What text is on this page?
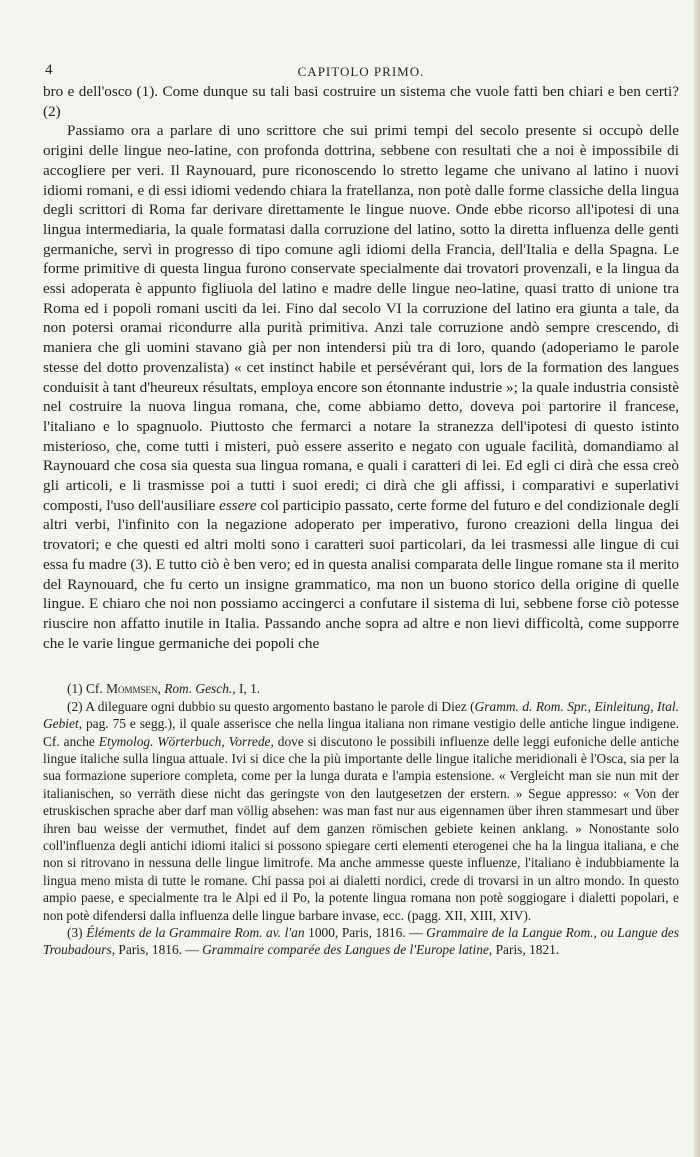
4	CAPITOLO PRIMO.

bro e dell'osco (1). Come dunque su tali basi costruire un sistema che vuole fatti ben chiari e ben certi? (2)

Passiamo ora a parlare di uno scrittore che sui primi tempi del secolo presente si occupò delle origini delle lingue neo-latine, con profonda dottrina, sebbene con resultati che a noi è impossibile di accogliere per veri. Il Raynouard, pure riconoscendo lo stretto legame che univano al latino i nuovi idiomi romani, e di essi idiomi vedendo chiara la fratellanza, non potè dalle forme classiche della lingua degli scrittori di Roma far derivare direttamente le lingue nuove. Onde ebbe ricorso all'ipotesi di una lingua intermediaria, la quale formatasi dalla corruzione del latino, sotto la diretta influenza delle genti germaniche, servì in progresso di tipo comune agli idiomi della Francia, dell'Italia e della Spagna. Le forme primitive di questa lingua furono conservate specialmente dai trovatori provenzali, e la lingua da essi adoperata è appunto figliuola del latino e madre delle lingue neo-latine, quasi tratto di unione tra Roma ed i popoli romani usciti da lei. Fino dal secolo VI la corruzione del latino era giunta a tale, da non potersi oramai ricondurre alla purità primitiva. Anzi tale corruzione andò sempre crescendo, di maniera che gli uomini stavano già per non intendersi più tra di loro, quando (adoperiamo le parole stesse del dotto provenzalista) « cet instinct habile et persévérant qui, lors de la formation des langues conduisit à tant d'heureux résultats, employa encore son étonnante industrie »; la quale industria consistè nel costruire la nuova lingua romana, che, come abbiamo detto, doveva poi partorire il francese, l'italiano e lo spagnuolo. Piuttosto che fermarci a notare la stranezza dell'ipotesi di questo istinto misterioso, che, come tutti i misteri, può essere asserito e negato con uguale facilità, domandiamo al Raynouard che cosa sia questa sua lingua romana, e quali i caratteri di lei. Ed egli ci dirà che essa creò gli articoli, e li trasmisse poi a tutti i suoi eredi; ci dirà che gli affissi, i comparativi e superlativi composti, l'uso dell'ausiliare essere col participio passato, certe forme del futuro e del condizionale degli altri verbi, l'infinito con la negazione adoperato per imperativo, furono creazioni della lingua dei trovatori; e che questi ed altri molti sono i caratteri suoi particolari, da lei trasmessi alle lingue di cui essa fu madre (3). E tutto ciò è ben vero; ed in questa analisi comparata delle lingue romane sta il merito del Raynouard, che fu certo un insigne grammatico, ma non un buono storico della origine di quelle lingue. E chiaro che noi non possiamo accingerci a confutare il sistema di lui, sebbene forse ciò potesse riuscire non affatto inutile in Italia. Passando anche sopra ad altre e non lievi difficoltà, come supporre che le varie lingue germaniche dei popoli che

(1) Cf. Mommsen, Rom. Gesch., I, 1.

(2) A dileguare ogni dubbio su questo argomento bastano le parole di Diez (Gramm. d. Rom. Spr., Einleitung, Ital. Gebiet, pag. 75 e segg.), il quale asserisce che nella lingua italiana non rimane vestigio delle antiche lingue indigene. Cf. anche Etymolog. Wörterbuch, Vorrede, dove si discutono le possibili influenze delle leggi eufoniche delle antiche lingue italiche sulla lingua attuale. Ivi si dice che la più importante delle lingue italiche meridionali è l'Osca, sia per la sua formazione superiore completa, come per la lunga durata e l'ampia estensione. « Vergleicht man sie nun mit der italianischen, so verräth diese nicht das geringste von den lautgesetzen der erstern. » Segue appresso: « Von der etruskischen sprache aber darf man völlig absehen: was man fast nur aus eigennamen über ihren stammesart und über ihren bau weisse der vermuthet, findet auf dem ganzen römischen gebiete keinen anklang. » Nonostante solo coll'influenza degli antichi idiomi italici si possono spiegare certi elementi eterogenei che ha la lingua italiana, e che non si ritrovano in nessuna delle lingue limitrofe. Ma anche ammesse queste influenze, l'italiano è indubbiamente la lingua meno mista di tutte le romane. Chi passa poi ai dialetti nordici, crede di trovarsi in un altro mondo. In questo ampio paese, e specialmente tra le Alpi ed il Po, la potente lingua romana non potè soggiogare i dialetti popolari, e non potè difendersi dalla influenza delle lingue barbare invase, ecc. (pagg. XII, XIII, XIV).

(3) Éléments de la Grammaire Rom. av. l'an 1000, Paris, 1816. — Grammaire de la Langue Rom., ou Langue des Troubadours, Paris, 1816. — Grammaire comparée des Langues de l'Europe latine, Paris, 1821.
